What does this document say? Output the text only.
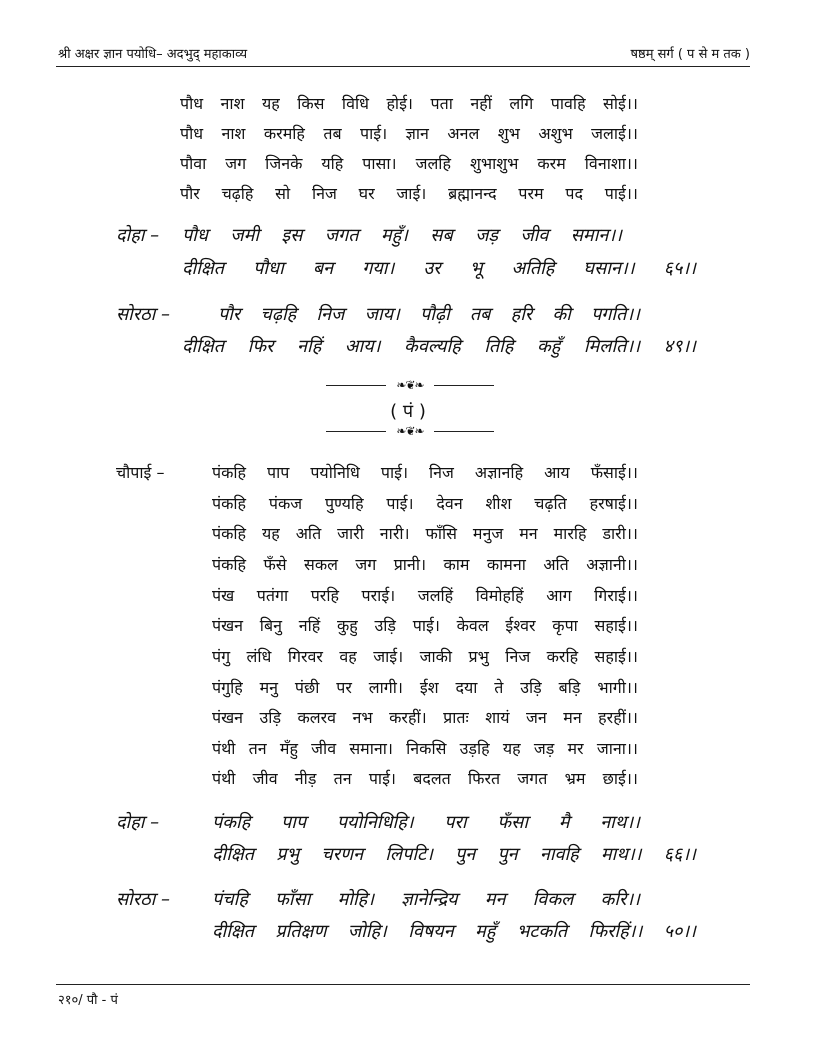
श्री अक्षर ज्ञान पयोधि– अदभुद् महाकाव्य	षष्ठम् सर्ग ( प से म तक )
पौध नाश यह किस विधि होई। पता नहीं लगि पावहि सोई।।
पौध नाश करमहि तब पाई। ज्ञान अनल शुभ अशुभ जलाई।।
पौवा जग जिनके यहि पासा। जलहि शुभाशुभ करम विनाशा।।
पौर चढ़हि सो निज घर जाई। ब्रह्मानन्द परम पद पाई।।
दोहा – पौध जमी इस जगत महुँ। सब जड़ जीव समान।।
दीक्षित पौधा बन गया। उर भू अतिहि घसान।। ६५।।
सोरठा –	पौर चढ़हि निज जाय। पौढ़ी तब हरि की पगति।।
दीक्षित फिर नहिं आय। कैवल्यहि तिहि कहुँ मिलति।। ४९।।
❧❦❧
( पं )
❧❦❧
चौपाई –	पंकहि पाप पयोनिधि पाई। निज अज्ञानहि आय फँसाई।।
पंकहि पंकज पुण्यहि पाई। देवन शीश चढ़ति हरषाई।।
पंकहि यह अति जारी नारी। फाँसि मनुज मन मारहि डारी।।
पंकहि फँसे सकल जग प्रानी। काम कामना अति अज्ञानी।।
पंख पतंगा परहि पराई। जलहिं विमोहहिं आग गिराई।।
पंखन बिनु नहिं कुहु उड़ि पाई। केवल ईश्वर कृपा सहाई।।
पंगु लंधि गिरवर वह जाई। जाकी प्रभु निज करहि सहाई।।
पंगुहि मनु पंछी पर लागी। ईश दया ते उड़ि बड़ि भागी।।
पंखन उड़ि कलरव नभ करहीं। प्रातः शायं जन मन हरहीं।।
पंथी तन मँहु जीव समाना। निकसि उड़हि यह जड़ मर जाना।।
पंथी जीव नीड़ तन पाई। बदलत फिरत जगत भ्रम छाई।।
दोहा –	पंकहि पाप पयोनिधिहि। परा फँसा मै नाथ।।
दीक्षित प्रभु चरणन लिपटि। पुन पुन नावहि माथ।। ६६।।
सोरठा – पंचहि फाँसा मोहि। ज्ञानेन्द्रिय मन विकल करि।।
दीक्षित प्रतिक्षण जोहि। विषयन महुँ भटकति फिरहिं।। ५०।।
२१०/ पौ - पं
